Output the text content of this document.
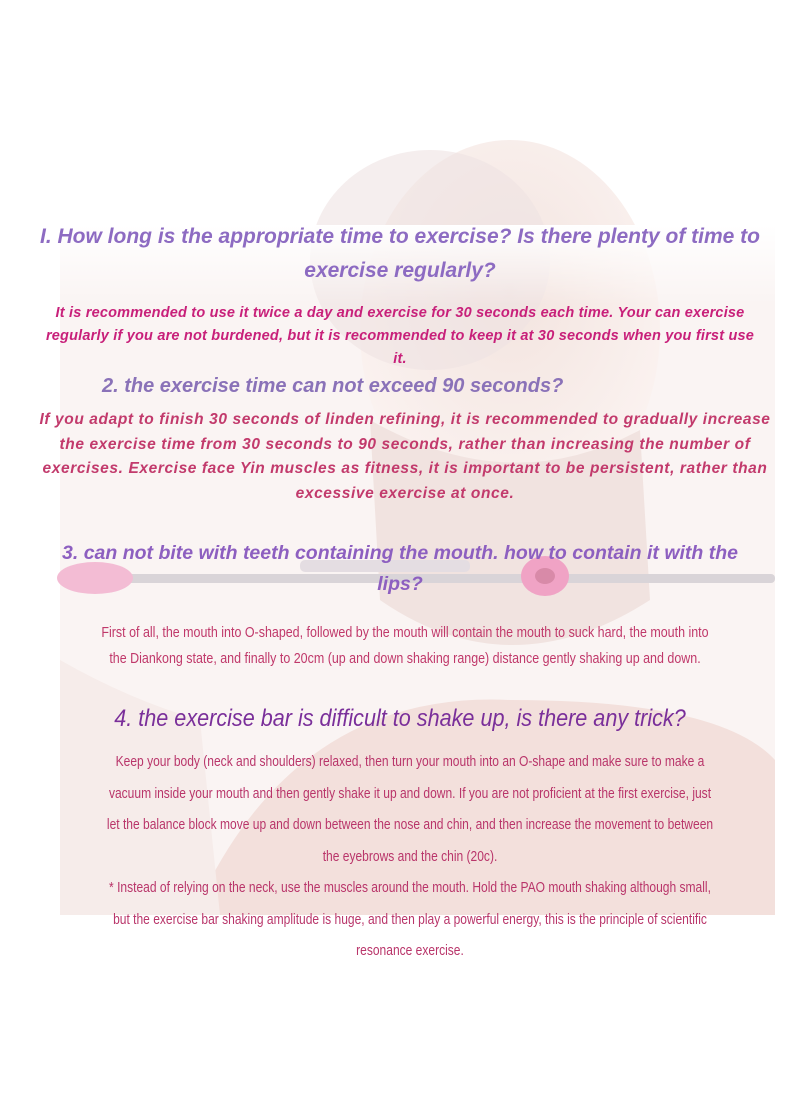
I. How long is the appropriate time to exercise? Is there plenty of time to exercise regularly?

It is recommended to use it twice a day and exercise for 30 seconds each time. Your can exercise regularly if you are not burdened, but it is recommended to keep it at 30 seconds when you first use it.

2. the exercise time can not exceed 90 seconds?

If you adapt to finish 30 seconds of linden refining, it is recommended to gradually increase the exercise time from 30 seconds to 90 seconds, rather than increasing the number of exercises. Exercise face Yin muscles as fitness, it is important to be persistent, rather than excessive exercise at once.

3. can not bite with teeth containing the mouth. how to contain it with the lips?

First of all, the mouth into O-shaped, followed by the mouth will contain the mouth to suck hard, the mouth into the Diankong state, and finally to 20cm (up and down shaking range) distance gently shaking up and down.

4. the exercise bar is difficult to shake up, is there any trick?

Keep your body (neck and shoulders) relaxed, then turn your mouth into an O-shape and make sure to make a vacuum inside your mouth and then gently shake it up and down. If you are not proficient at the first exercise, just let the balance block move up and down between the nose and chin, and then increase the movement to between the eyebrows and the chin (20c).
* Instead of relying on the neck, use the muscles around the mouth. Hold the PAO mouth shaking although small, but the exercise bar shaking amplitude is huge, and then play a powerful energy, this is the principle of scientific resonance exercise.
